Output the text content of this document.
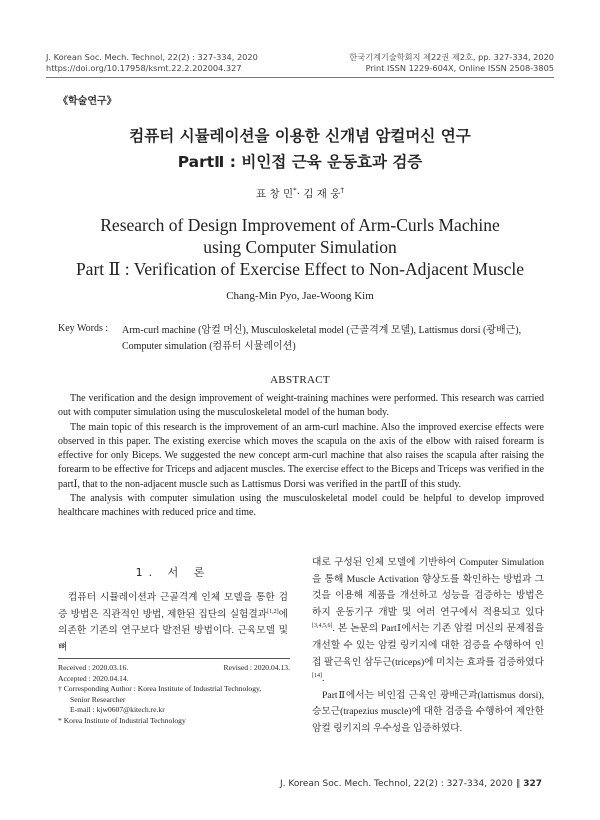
J. Korean Soc. Mech. Technol, 22(2) : 327-334, 2020
https://doi.org/10.17958/ksmt.22.2.202004.327
한국기계기술학회지 제22권 제2호, pp. 327-334, 2020
Print ISSN 1229-604X, Online ISSN 2508-3805
《학술연구》
컴퓨터 시뮬레이션을 이용한 신개념 암컬머신 연구
PartⅡ : 비인접 근육 운동효과 검증
표 창 민*· 김 재 웅†
Research of Design Improvement of Arm-Curls Machine
using Computer Simulation
Part Ⅱ : Verification of Exercise Effect to Non-Adjacent Muscle
Chang-Min Pyo, Jae-Woong Kim
Key Words : Arm-curl machine (암컬 머신), Musculoskeletal model (근골격계 모델), Lattismus dorsi (광배근), Computer simulation (컴퓨터 시뮬레이션)
ABSTRACT

The verification and the design improvement of weight-training machines were performed. This research was carried out with computer simulation using the musculoskeletal model of the human body.

The main topic of this research is the improvement of an arm-curl machine. Also the improved exercise effects were observed in this paper. The existing exercise which moves the scapula on the axis of the elbow with raised forearm is effective for only Biceps. We suggested the new concept arm-curl machine that also raises the scapula after raising the forearm to be effective for Triceps and adjacent muscles. The exercise effect to the Biceps and Triceps was verified in the partⅠ, that to the non-adjacent muscle such as Lattismus Dorsi was verified in the partⅡ of this study.

The analysis with computer simulation using the musculoskeletal model could be helpful to develop improved healthcare machines with reduced price and time.

1. 서 론

컴퓨터 시뮬레이션과 근골격계 인체 모델을 통한 검증 방법은 직관적인 방법, 제한된 집단의 실험결과[1,2]에 의존한 기존의 연구보다 발전된 방법이다. 근육모델 및 뼈

Received : 2020.03.16.	Revised : 2020.04.13.
Accepted : 2020.04.14.
† Corresponding Author : Korea Institute of Industrial Technology,
Senior Researcher
E-mail : kjw0607@kitech.re.kr
* Korea Institute of Industrial Technology

대로 구성된 인체 모델에 기반하여 Computer Simulation을 통해 Muscle Activation 향상도를 확인하는 방법과 그것을 이용해 제품을 개선하고 성능을 검증하는 방법은 하지 운동기구 개발 및 여러 연구에서 적용되고 있다[3,4,5,6]. 본 논문의 PartⅠ에서는 기존 암컬 머신의 문제점을 개선할 수 있는 암컬 링키지에 대한 검증을 수행하여 인접 팔근육인 삼두근(triceps)에 미치는 효과를 검증하였다[14].

PartⅡ에서는 비인접 근육인 광배근과(lattismus dorsi), 승모근(trapezius muscle)에 대한 검증을 수행하여 제안한 암컬 링키지의 우수성을 입증하였다.

J. Korean Soc. Mech. Technol, 22(2) : 327-334, 2020 ∥ 327
